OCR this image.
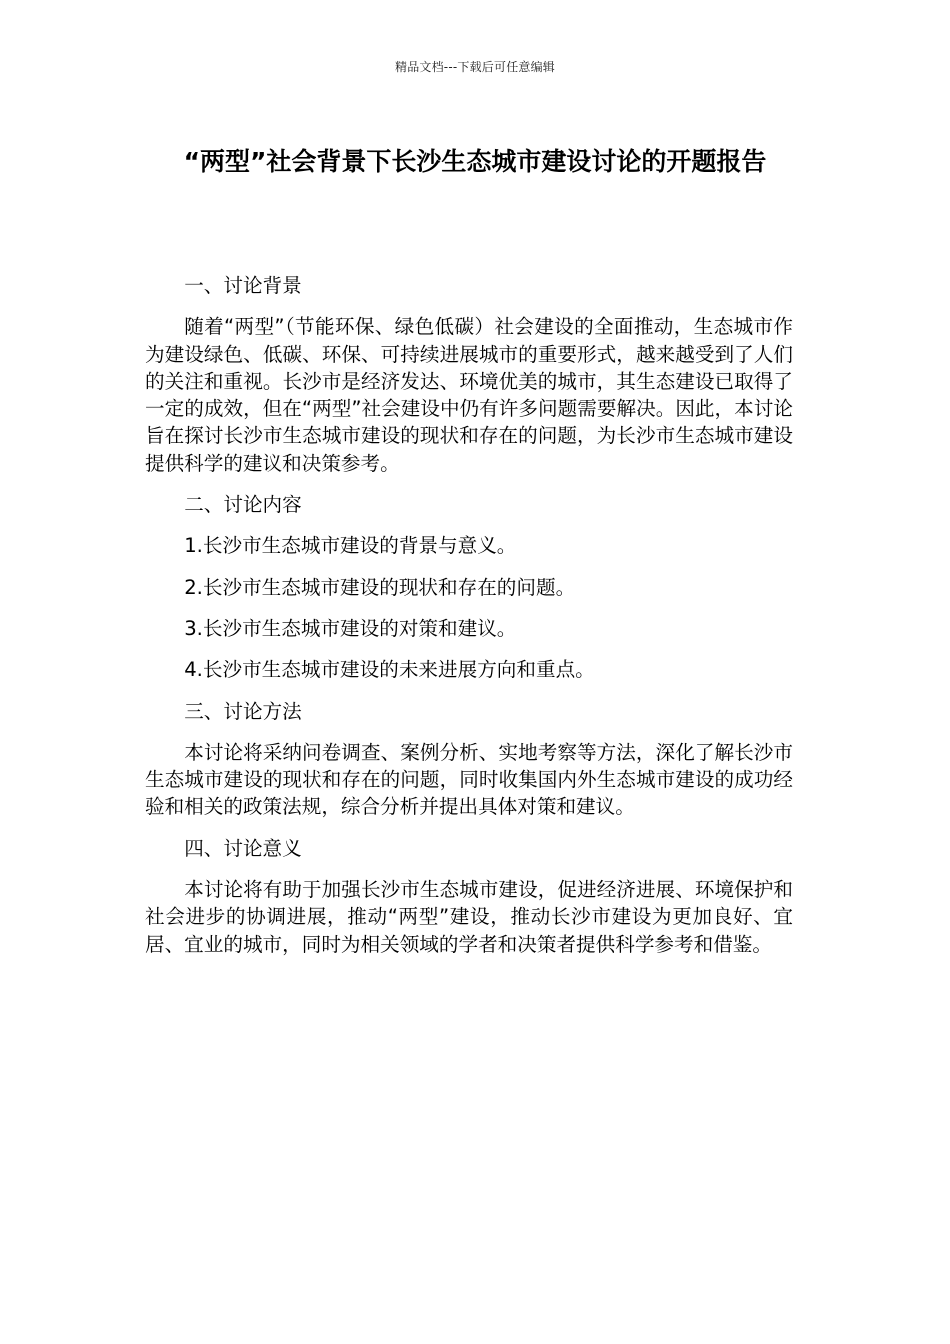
精品文档---下载后可任意编辑
“两型”社会背景下长沙生态城市建设讨论的开题报告

一、讨论背景

随着“两型”（节能环保、绿色低碳）社会建设的全面推动，生态城市作为建设绿色、低碳、环保、可持续进展城市的重要形式，越来越受到了人们的关注和重视。长沙市是经济发达、环境优美的城市，其生态建设已取得了一定的成效，但在“两型”社会建设中仍有许多问题需要解决。因此，本讨论旨在探讨长沙市生态城市建设的现状和存在的问题，为长沙市生态城市建设提供科学的建议和决策参考。

二、讨论内容

1.长沙市生态城市建设的背景与意义。

2.长沙市生态城市建设的现状和存在的问题。

3.长沙市生态城市建设的对策和建议。

4.长沙市生态城市建设的未来进展方向和重点。

三、讨论方法

本讨论将采纳问卷调查、案例分析、实地考察等方法，深化了解长沙市生态城市建设的现状和存在的问题，同时收集国内外生态城市建设的成功经验和相关的政策法规，综合分析并提出具体对策和建议。

四、讨论意义

本讨论将有助于加强长沙市生态城市建设，促进经济进展、环境保护和社会进步的协调进展，推动“两型”建设，推动长沙市建设为更加良好、宜居、宜业的城市，同时为相关领域的学者和决策者提供科学参考和借鉴。
